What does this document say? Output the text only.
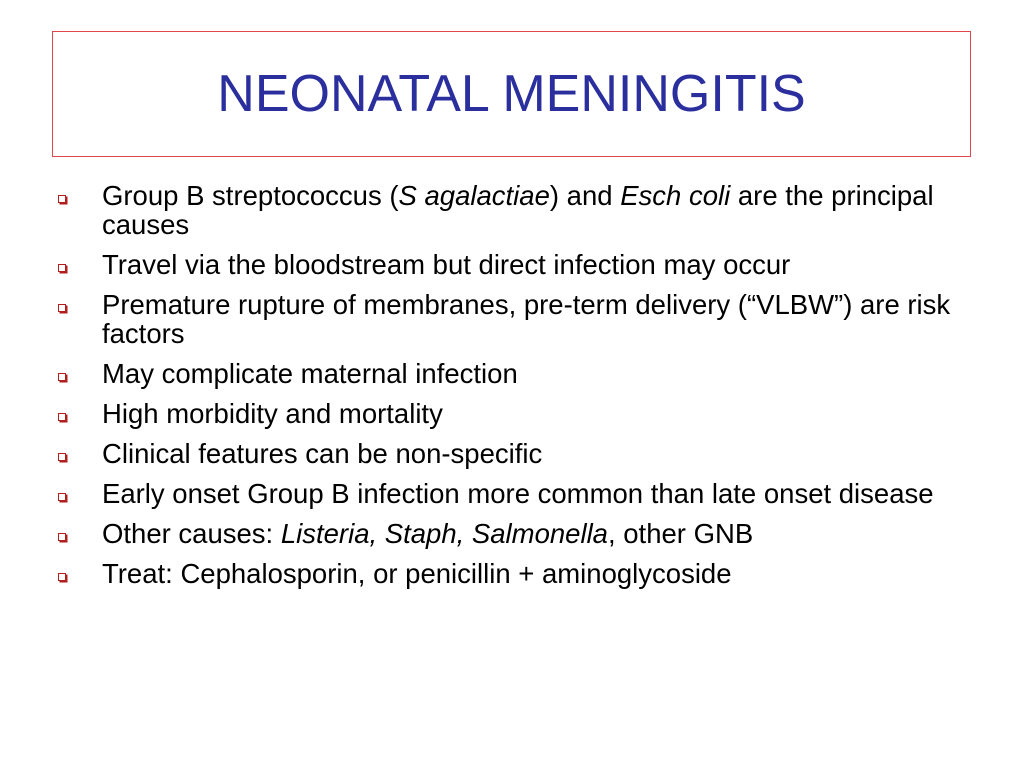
NEONATAL MENINGITIS
Group B streptococcus (S agalactiae) and Esch coli are the principal causes
Travel via the bloodstream but direct infection may occur
Premature rupture of membranes, pre-term delivery (“VLBW”) are risk factors
May complicate maternal infection
High morbidity and mortality
Clinical features can be non-specific
Early onset Group B infection more common than late onset disease
Other causes: Listeria, Staph, Salmonella, other GNB
Treat: Cephalosporin, or penicillin + aminoglycoside
